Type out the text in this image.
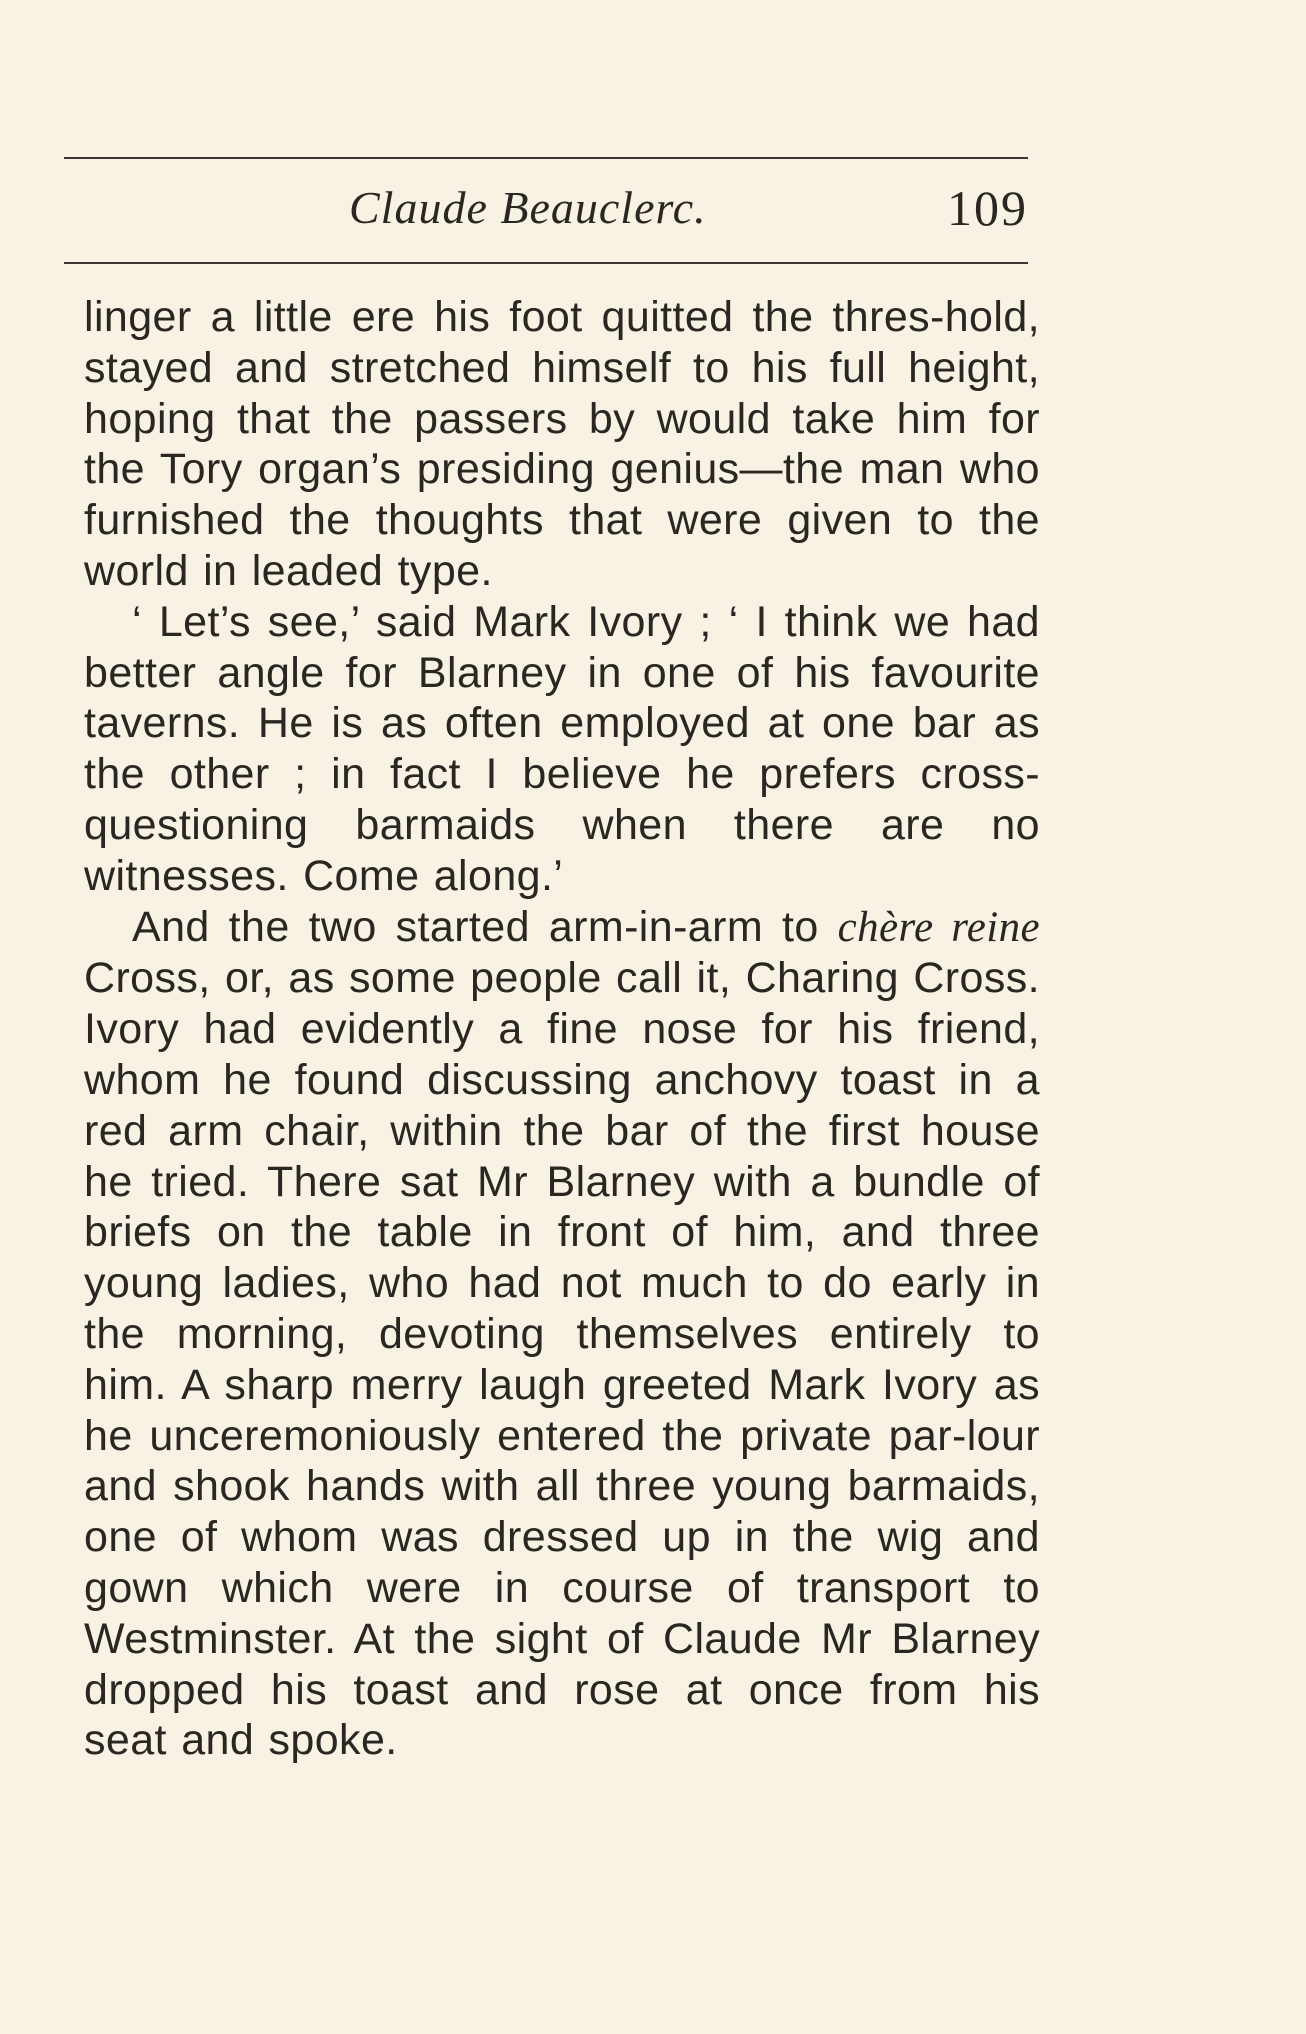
Claude Beauclerc.	109

linger a little ere his foot quitted the thres-hold, stayed and stretched himself to his full height, hoping that the passers by would take him for the Tory organ’s presiding genius—the man who furnished the thoughts that were given to the world in leaded type.

‘ Let’s see,’ said Mark Ivory ; ‘ I think we had better angle for Blarney in one of his favourite taverns. He is as often employed at one bar as the other ; in fact I believe he prefers cross-questioning barmaids when there are no witnesses. Come along.’

And the two started arm-in-arm to chère reine Cross, or, as some people call it, Charing Cross. Ivory had evidently a fine nose for his friend, whom he found discussing anchovy toast in a red arm chair, within the bar of the first house he tried. There sat Mr Blarney with a bundle of briefs on the table in front of him, and three young ladies, who had not much to do early in the morning, devoting themselves entirely to him. A sharp merry laugh greeted Mark Ivory as he unceremoniously entered the private par-lour and shook hands with all three young barmaids, one of whom was dressed up in the wig and gown which were in course of transport to Westminster. At the sight of Claude Mr Blarney dropped his toast and rose at once from his seat and spoke.
